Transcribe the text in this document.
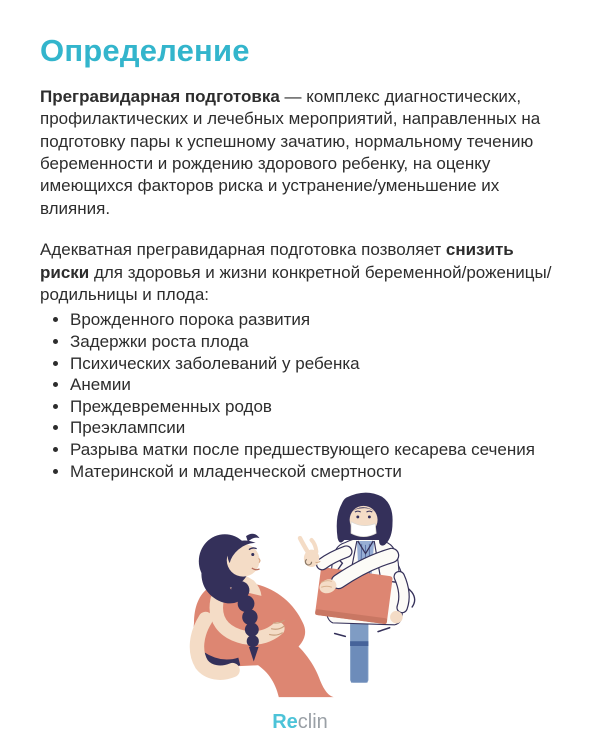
Определение

Прегравидарная подготовка — комплекс диагностических, профилактических и лечебных мероприятий, направленных на подготовку пары к успешному зачатию, нормальному течению беременности и рождению здорового ребенку, на оценку имеющихся факторов риска и устранение/уменьшение их влияния.

Адекватная прегравидарная подготовка позволяет снизить риски для здоровья и жизни конкретной беременной/роженицы/родильницы и плода:

• Врожденного порока развития
• Задержки роста плода
• Психических заболеваний у ребенка
• Анемии
• Преждевременных родов
• Преэклампсии
• Разрыва матки после предшествующего кесарева сечения
• Материнской и младенческой смертности
Reclin
